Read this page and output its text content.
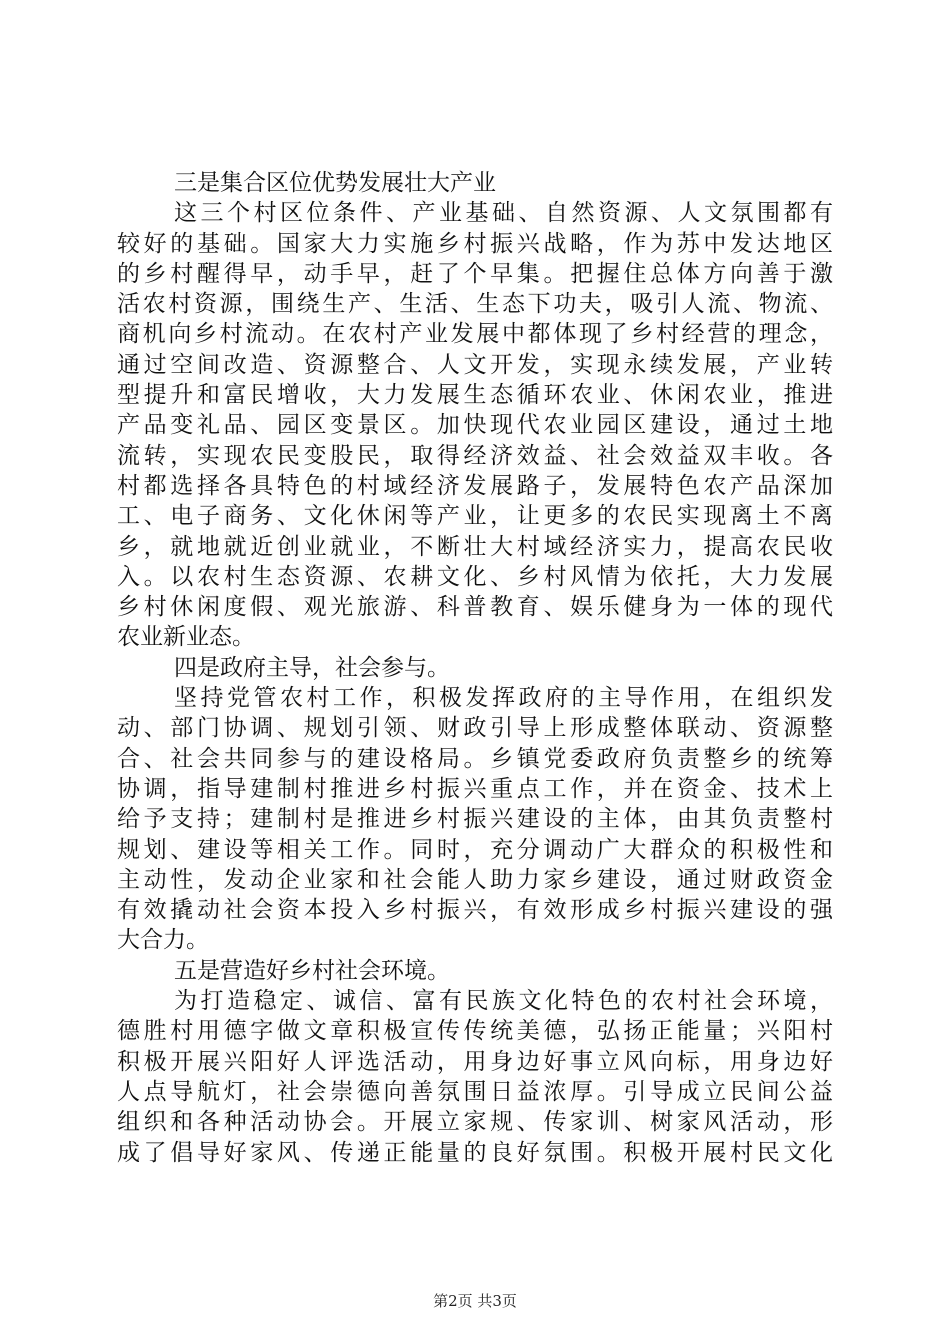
三是集合区位优势发展壮大产业
这三个村区位条件、产业基础、自然资源、人文氛围都有
较好的基础。国家大力实施乡村振兴战略，作为苏中发达地区
的乡村醒得早，动手早，赶了个早集。把握住总体方向善于激
活农村资源，围绕生产、生活、生态下功夫，吸引人流、物流、
商机向乡村流动。在农村产业发展中都体现了乡村经营的理念，
通过空间改造、资源整合、人文开发，实现永续发展，产业转
型提升和富民增收，大力发展生态循环农业、休闲农业，推进
产品变礼品、园区变景区。加快现代农业园区建设，通过土地
流转，实现农民变股民，取得经济效益、社会效益双丰收。各
村都选择各具特色的村域经济发展路子，发展特色农产品深加
工、电子商务、文化休闲等产业，让更多的农民实现离土不离
乡，就地就近创业就业，不断壮大村域经济实力，提高农民收
入。以农村生态资源、农耕文化、乡村风情为依托，大力发展
乡村休闲度假、观光旅游、科普教育、娱乐健身为一体的现代
农业新业态。
四是政府主导，社会参与。
坚持党管农村工作，积极发挥政府的主导作用，在组织发
动、部门协调、规划引领、财政引导上形成整体联动、资源整
合、社会共同参与的建设格局。乡镇党委政府负责整乡的统筹
协调，指导建制村推进乡村振兴重点工作，并在资金、技术上
给予支持；建制村是推进乡村振兴建设的主体，由其负责整村
规划、建设等相关工作。同时，充分调动广大群众的积极性和
主动性，发动企业家和社会能人助力家乡建设，通过财政资金
有效撬动社会资本投入乡村振兴，有效形成乡村振兴建设的强
大合力。
五是营造好乡村社会环境。
为打造稳定、诚信、富有民族文化特色的农村社会环境，
德胜村用德字做文章积极宣传传统美德，弘扬正能量；兴阳村
积极开展兴阳好人评选活动，用身边好事立风向标，用身边好
人点导航灯，社会崇德向善氛围日益浓厚。引导成立民间公益
组织和各种活动协会。开展立家规、传家训、树家风活动，形
成了倡导好家风、传递正能量的良好氛围。积极开展村民文化
第2页 共3页
